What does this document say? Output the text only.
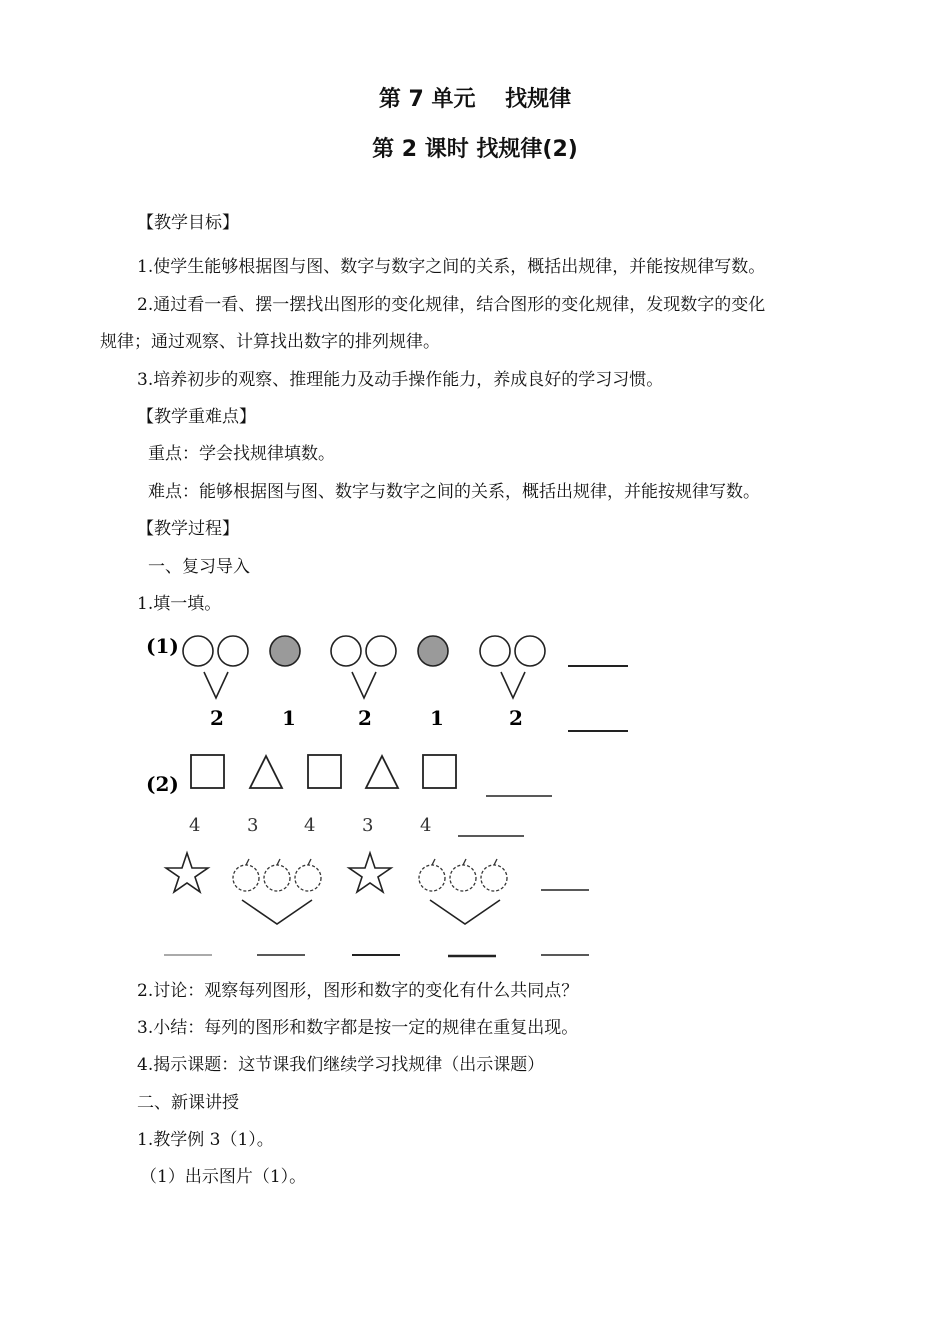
第 7 单元　 找规律
第 2 课时 找规律(2)
【教学目标】
1.使学生能够根据图与图、数字与数字之间的关系，概括出规律，并能按规律写数。
2.通过看一看、摆一摆找出图形的变化规律，结合图形的变化规律，发现数字的变化
规律；通过观察、计算找出数字的排列规律。
3.培养初步的观察、推理能力及动手操作能力，养成良好的学习习惯。
【教学重难点】
重点：学会找规律填数。
难点：能够根据图与图、数字与数字之间的关系，概括出规律，并能按规律写数。
【教学过程】
一、复习导入
1.填一填。
(1)
2	1	2	1	2
(2)
4	3	4	3	4
2.讨论：观察每列图形，图形和数字的变化有什么共同点？
3.小结：每列的图形和数字都是按一定的规律在重复出现。
4.揭示课题：这节课我们继续学习找规律（出示课题）
二、新课讲授
1.教学例 3（1）。
（1）出示图片（1）。
